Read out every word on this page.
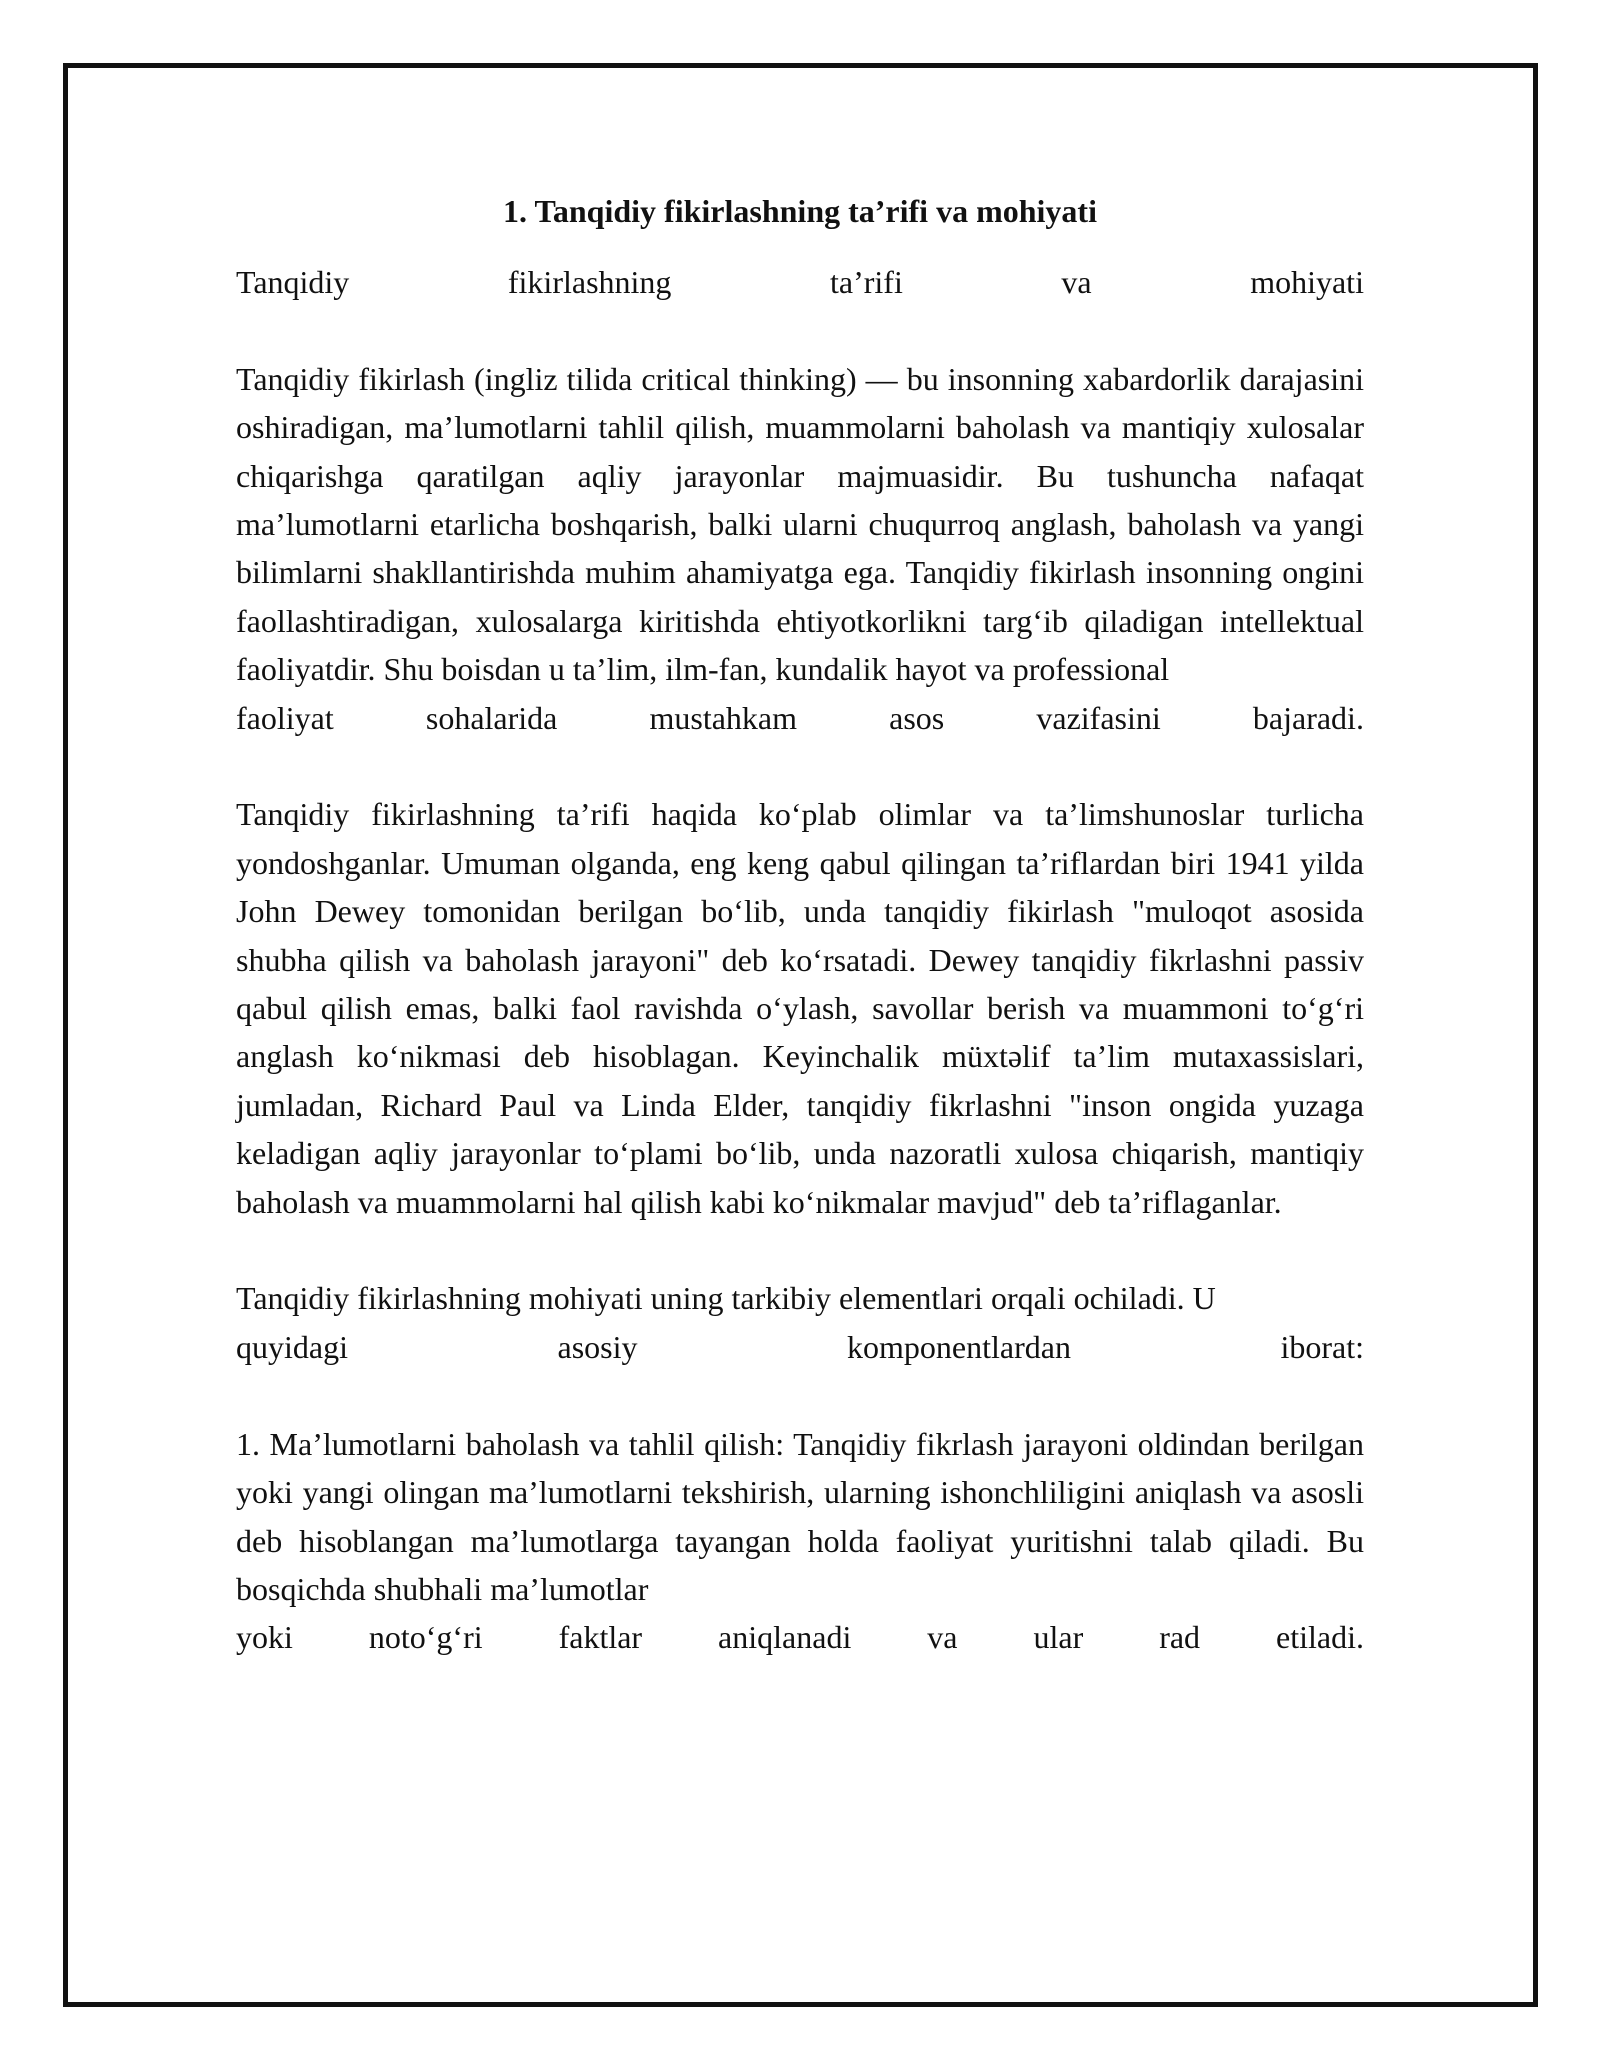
1. Tanqidiy fikirlashning ta’rifi va mohiyati
Tanqidiy	fikirlashning	ta’rifi	va	mohiyati
Tanqidiy fikirlash (ingliz tilida critical thinking) — bu insonning xabardorlik darajasini oshiradigan, ma’lumotlarni tahlil qilish, muammolarni baholash va mantiqiy xulosalar chiqarishga qaratilgan aqliy jarayonlar majmuasidir. Bu tushuncha nafaqat ma’lumotlarni etarlicha boshqarish, balki ularni chuqurroq anglash, baholash va yangi bilimlarni shakllantirishda muhim ahamiyatga ega. Tanqidiy fikirlash insonning ongini faollashtiradigan, xulosalarga kiritishda ehtiyotkorlikni targ‘ib qiladigan intellektual faoliyatdir. Shu boisdan u ta’lim, ilm-fan, kundalik hayot va professional
faoliyat	sohalarida	mustahkam	asos	vazifasini	bajaradi.
Tanqidiy fikirlashning ta’rifi haqida ko‘plab olimlar va ta’limshunoslar turlicha yondoshganlar. Umuman olganda, eng keng qabul qilingan ta’riflardan biri 1941 yilda John Dewey tomonidan berilgan bo‘lib, unda tanqidiy fikirlash "muloqot asosida shubha qilish va baholash jarayoni" deb ko‘rsatadi. Dewey tanqidiy fikrlashni passiv qabul qilish emas, balki faol ravishda o‘ylash, savollar berish va muammoni to‘g‘ri anglash ko‘nikmasi deb hisoblagan. Keyinchalik müxtəlif ta’lim mutaxassislari, jumladan, Richard Paul va Linda Elder, tanqidiy fikrlashni "inson ongida yuzaga keladigan aqliy jarayonlar to‘plami bo‘lib, unda nazoratli xulosa chiqarish, mantiqiy baholash va muammolarni hal qilish kabi ko‘nikmalar mavjud" deb ta’riflaganlar.
Tanqidiy fikirlashning mohiyati uning tarkibiy elementlari orqali ochiladi. U
quyidagi	asosiy	komponentlardan	iborat:
1. Ma’lumotlarni baholash va tahlil qilish: Tanqidiy fikrlash jarayoni oldindan berilgan yoki yangi olingan ma’lumotlarni tekshirish, ularning ishonchliligini aniqlash va asosli deb hisoblangan ma’lumotlarga tayangan holda faoliyat yuritishni talab qiladi. Bu bosqichda shubhali ma’lumotlar
yoki noto‘g‘ri faktlar aniqlanadi va ular rad etiladi.
